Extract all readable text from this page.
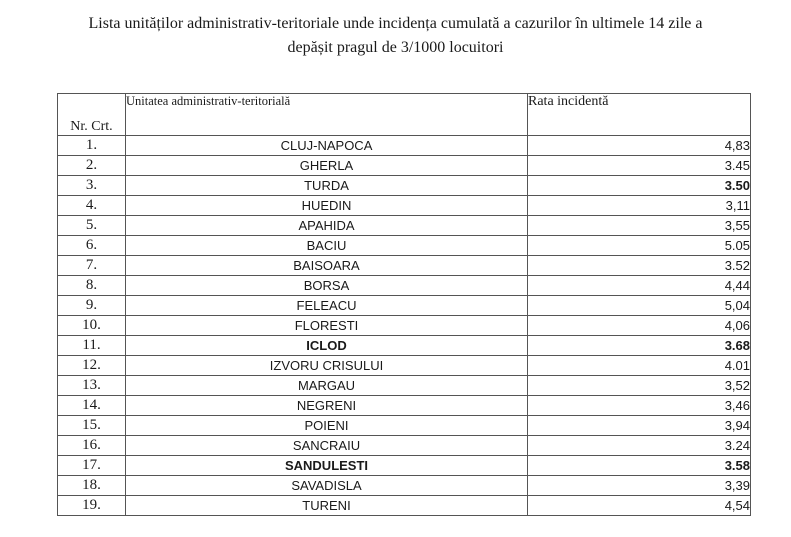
Lista unităților administrativ-teritoriale unde incidența cumulată a cazurilor în ultimele 14 zile a
depășit pragul de 3/1000 locuitori
Nr. Crt.	Unitatea administrativ-teritorială	Rata incidentă
1.	CLUJ-NAPOCA	4,83
2.	GHERLA	3.45
3.	TURDA	3.50
4.	HUEDIN	3,11
5.	APAHIDA	3,55
6.	BACIU	5.05
7.	BAISOARA	3.52
8.	BORSA	4,44
9.	FELEACU	5,04
10.	FLORESTI	4,06
11.	ICLOD	3.68
12.	IZVORU CRISULUI	4.01
13.	MARGAU	3,52
14.	NEGRENI	3,46
15.	POIENI	3,94
16.	SANCRAIU	3.24
17.	SANDULESTI	3.58
18.	SAVADISLA	3,39
19.	TURENI	4,54
